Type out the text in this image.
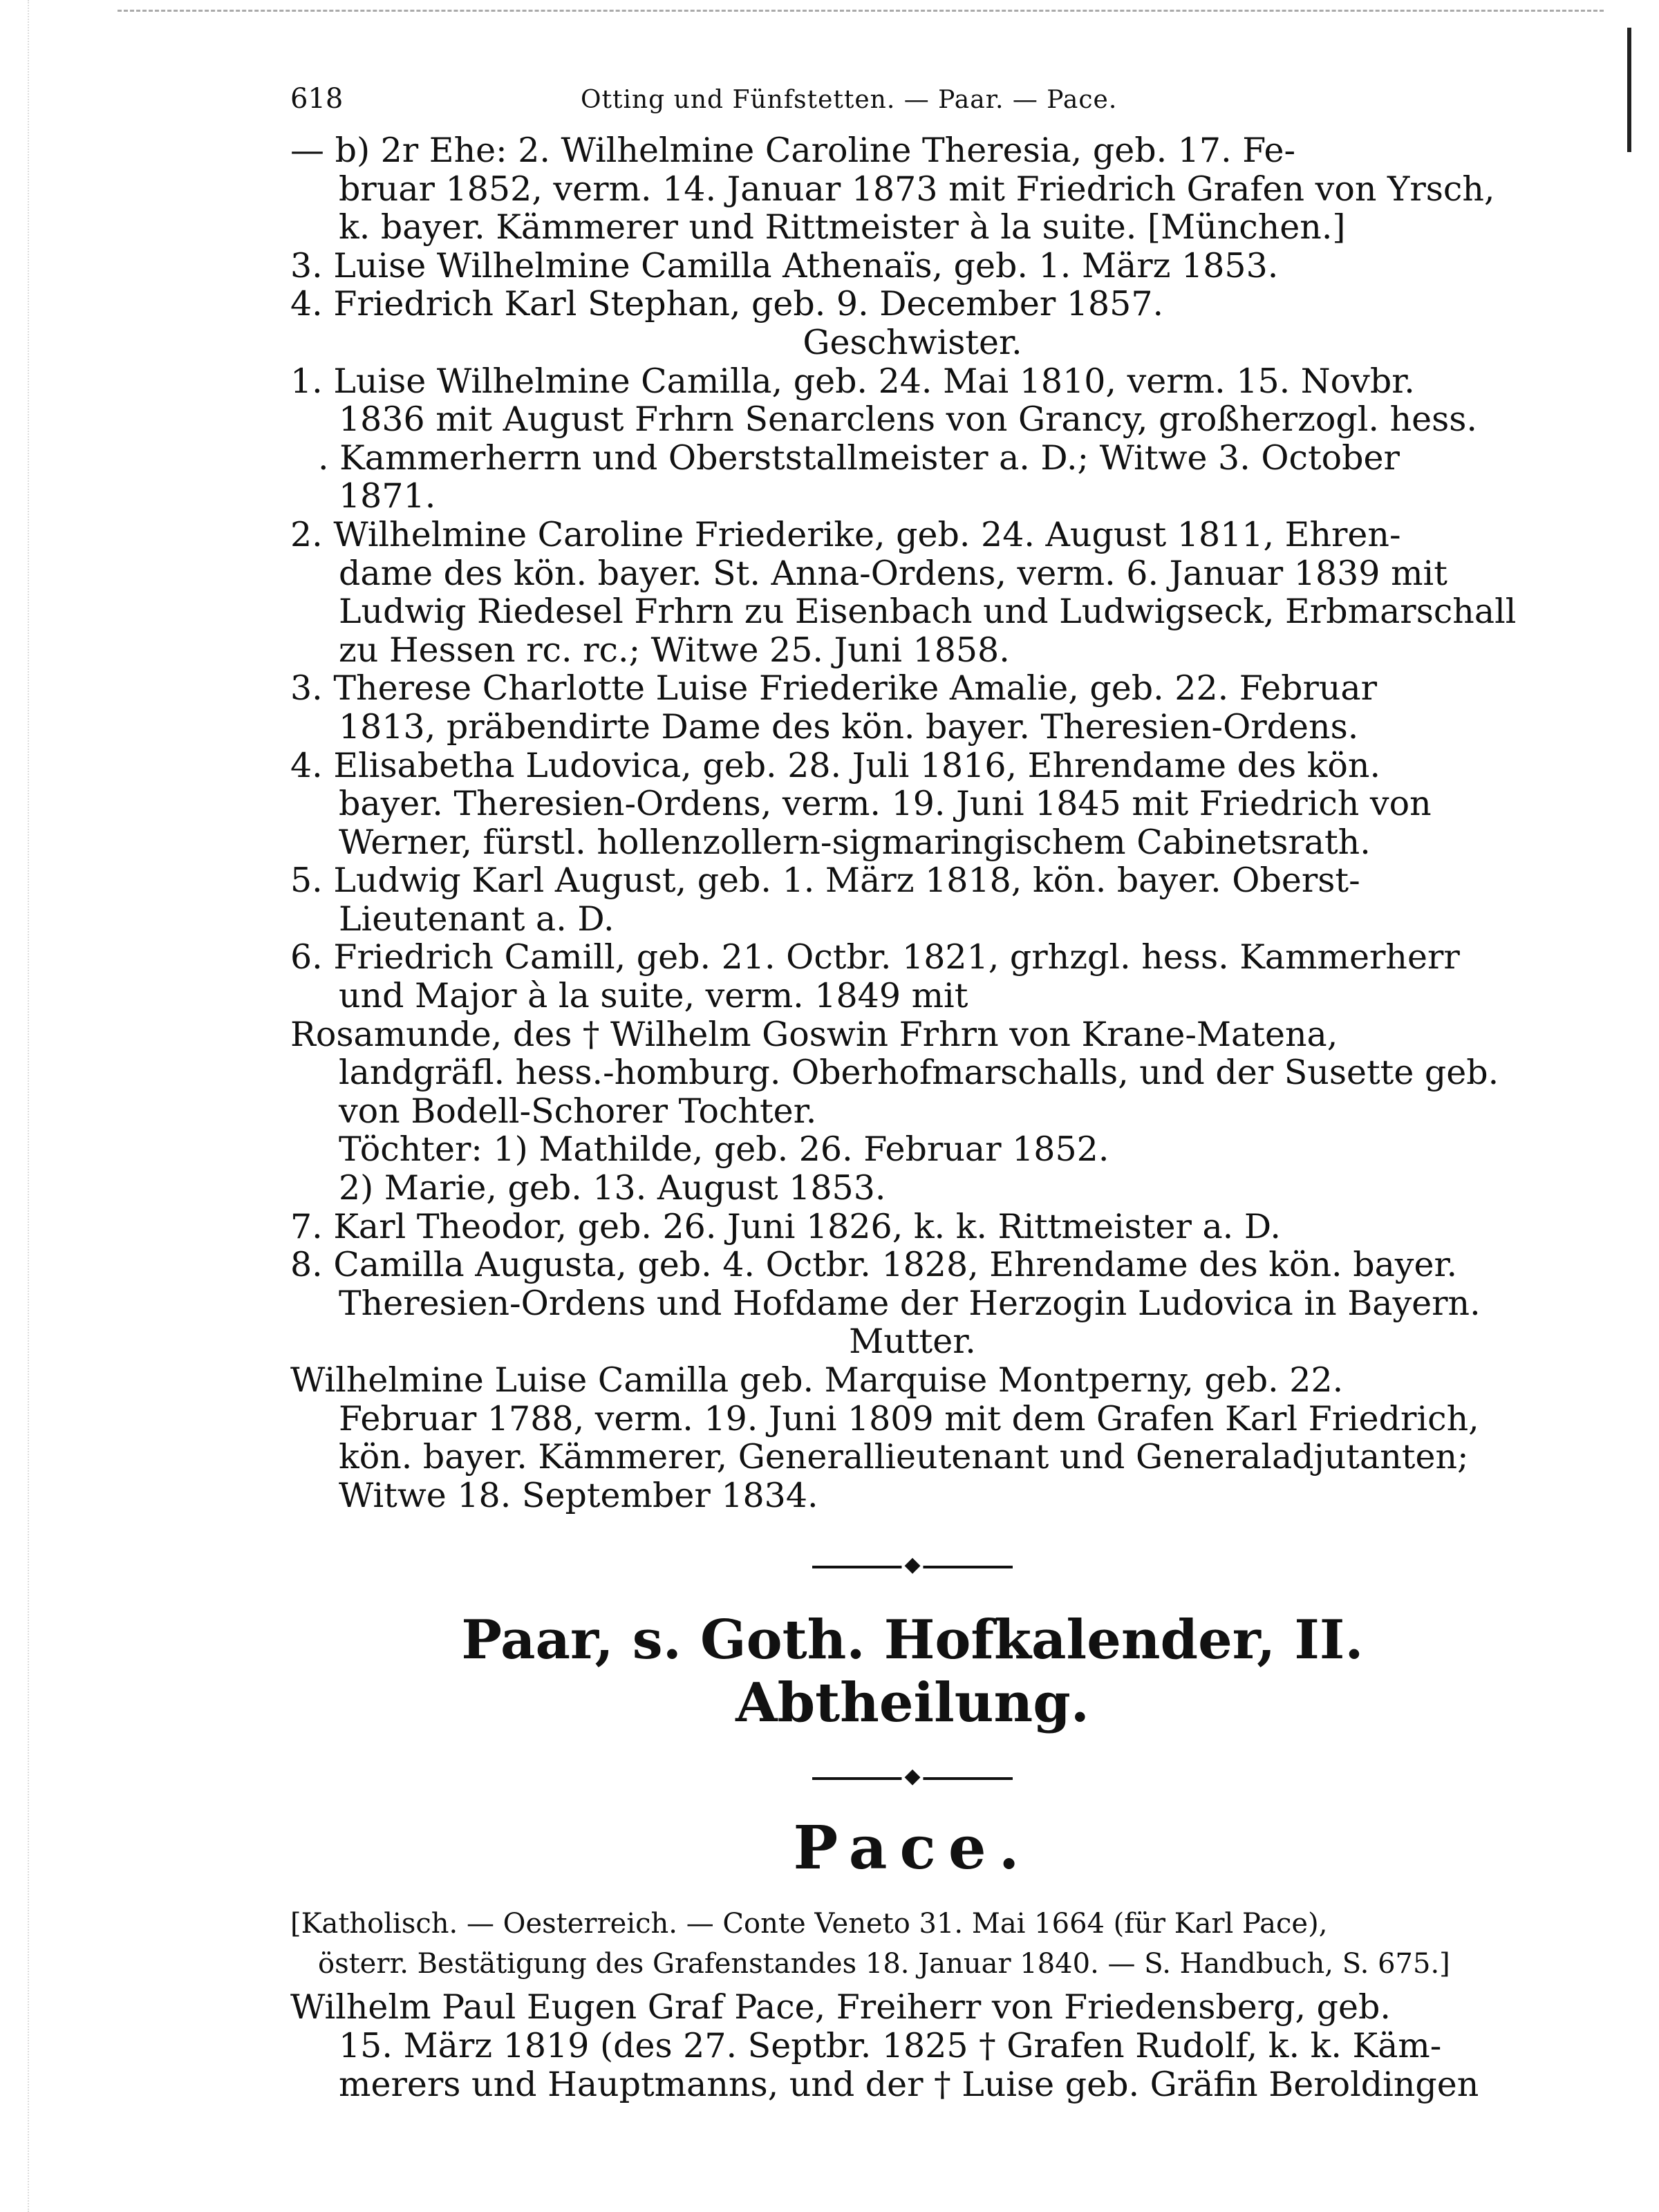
618	Otting und Fünfstetten. — Paar. — Pace.
— b) 2r Ehe: 2. Wilhelmine Caroline Theresia, geb. 17. Fe-
bruar 1852, verm. 14. Januar 1873 mit Friedrich Grafen von Yrsch,
k. bayer. Kämmerer und Rittmeister à la suite. [München.]
3. Luise Wilhelmine Camilla Athenaïs, geb. 1. März 1853.
4. Friedrich Karl Stephan, geb. 9. December 1857.
Geschwister.
1. Luise Wilhelmine Camilla, geb. 24. Mai 1810, verm. 15. Novbr.
1836 mit August Frhrn Senarclens von Grancy, großherzogl. hess.
. Kammerherrn und Oberststallmeister a. D.; Witwe 3. October
1871.
2. Wilhelmine Caroline Friederike, geb. 24. August 1811, Ehren-
dame des kön. bayer. St. Anna-Ordens, verm. 6. Januar 1839 mit
Ludwig Riedesel Frhrn zu Eisenbach und Ludwigseck, Erbmarschall
zu Hessen rc. rc.; Witwe 25. Juni 1858.
3. Therese Charlotte Luise Friederike Amalie, geb. 22. Februar
1813, präbendirte Dame des kön. bayer. Theresien-Ordens.
4. Elisabetha Ludovica, geb. 28. Juli 1816, Ehrendame des kön.
bayer. Theresien-Ordens, verm. 19. Juni 1845 mit Friedrich von
Werner, fürstl. hollenzollern-sigmaringischem Cabinetsrath.
5. Ludwig Karl August, geb. 1. März 1818, kön. bayer. Oberst-
Lieutenant a. D.
6. Friedrich Camill, geb. 21. Octbr. 1821, grhzgl. hess. Kammerherr
und Major à la suite, verm. 1849 mit
Rosamunde, des † Wilhelm Goswin Frhrn von Krane-Matena,
landgräfl. hess.-homburg. Oberhofmarschalls, und der Susette geb.
von Bodell-Schorer Tochter.
Töchter: 1) Mathilde, geb. 26. Februar 1852.
2) Marie, geb. 13. August 1853.
7. Karl Theodor, geb. 26. Juni 1826, k. k. Rittmeister a. D.
8. Camilla Augusta, geb. 4. Octbr. 1828, Ehrendame des kön. bayer.
Theresien-Ordens und Hofdame der Herzogin Ludovica in Bayern.
Mutter.
Wilhelmine Luise Camilla geb. Marquise Montperny, geb. 22.
Februar 1788, verm. 19. Juni 1809 mit dem Grafen Karl Friedrich,
kön. bayer. Kämmerer, Generallieutenant und Generaladjutanten;
Witwe 18. September 1834.
◆
Paar, s. Goth. Hofkalender, II. Abtheilung.
◆
Pace.
[Katholisch. — Oesterreich. — Conte Veneto 31. Mai 1664 (für Karl Pace),
österr. Bestätigung des Grafenstandes 18. Januar 1840. — S. Handbuch, S. 675.]
Wilhelm Paul Eugen Graf Pace, Freiherr von Friedensberg, geb.
15. März 1819 (des 27. Septbr. 1825 † Grafen Rudolf, k. k. Käm-
merers und Hauptmanns, und der † Luise geb. Gräfin Beroldingen
